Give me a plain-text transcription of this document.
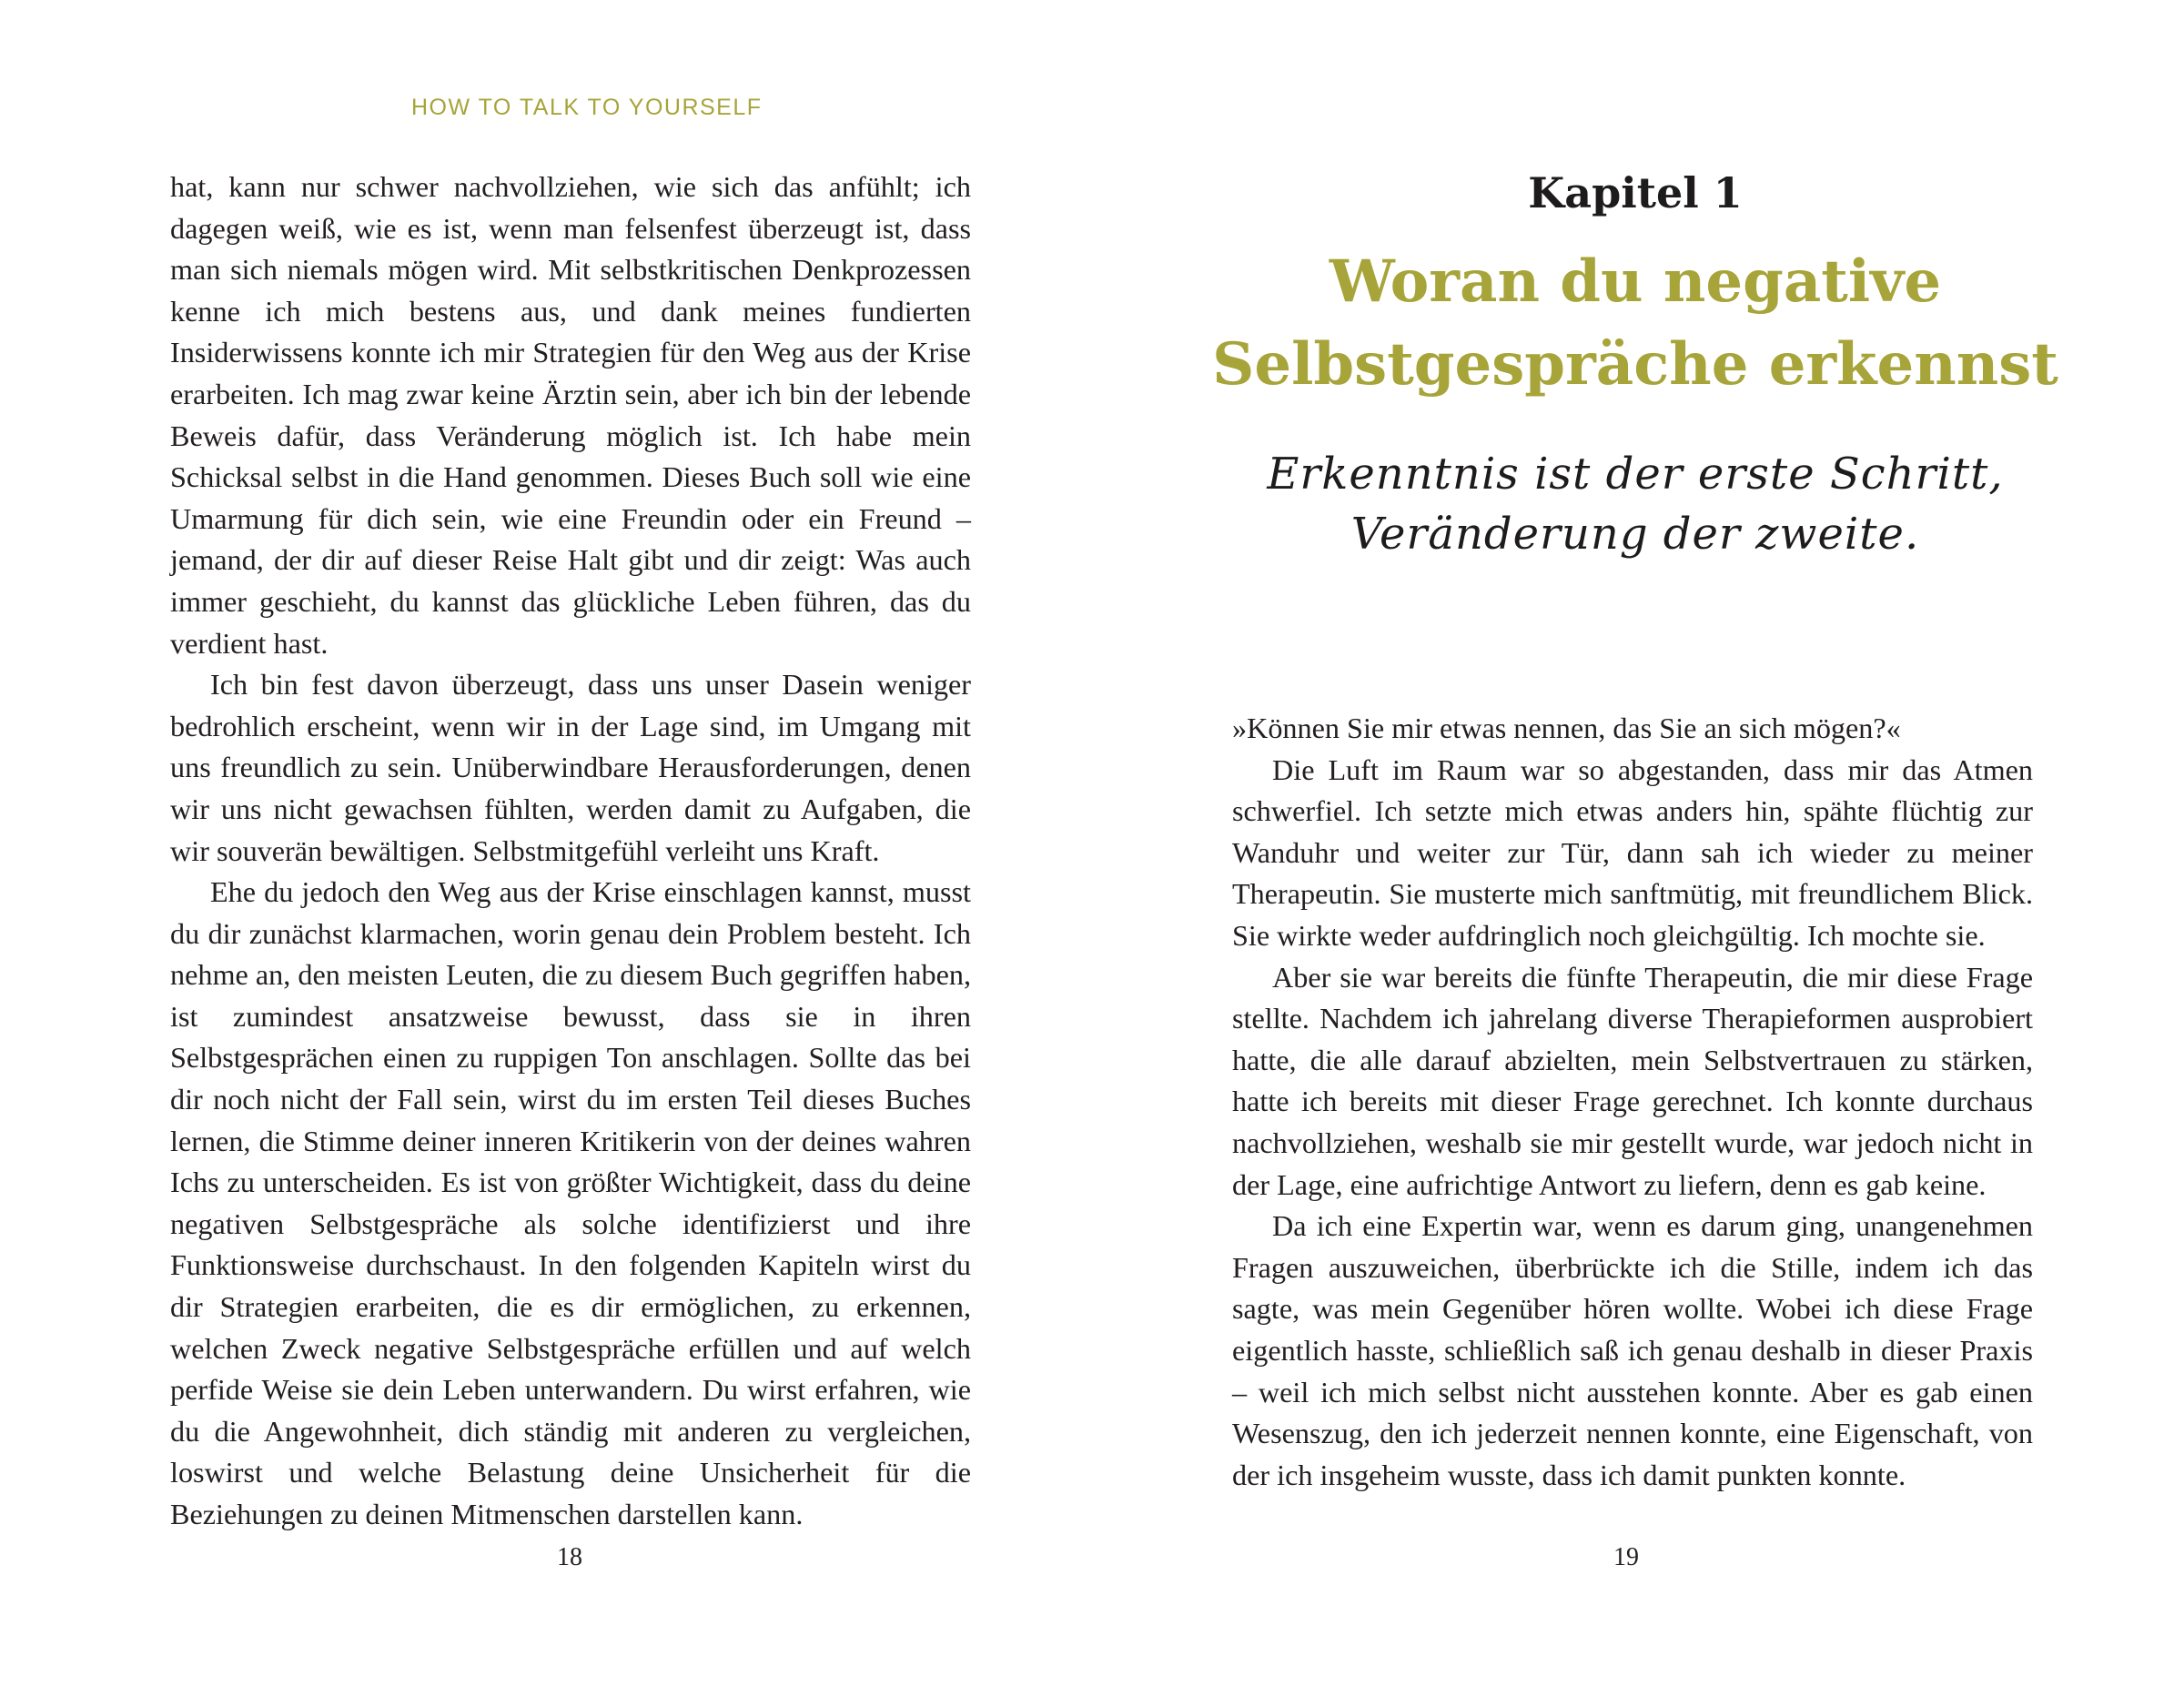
HOW TO TALK TO YOURSELF

hat, kann nur schwer nachvollziehen, wie sich das anfühlt; ich dagegen weiß, wie es ist, wenn man felsenfest überzeugt ist, dass man sich niemals mögen wird. Mit selbstkritischen Denkprozessen kenne ich mich bestens aus, und dank meines fundierten Insiderwissens konnte ich mir Strategien für den Weg aus der Krise erarbeiten. Ich mag zwar keine Ärztin sein, aber ich bin der lebende Beweis dafür, dass Veränderung möglich ist. Ich habe mein Schicksal selbst in die Hand genommen. Dieses Buch soll wie eine Umarmung für dich sein, wie eine Freundin oder ein Freund – jemand, der dir auf dieser Reise Halt gibt und dir zeigt: Was auch immer geschieht, du kannst das glückliche Leben führen, das du verdient hast.

Ich bin fest davon überzeugt, dass uns unser Dasein weniger bedrohlich erscheint, wenn wir in der Lage sind, im Umgang mit uns freundlich zu sein. Unüberwindbare Herausforderungen, denen wir uns nicht gewachsen fühlten, werden damit zu Aufgaben, die wir souverän bewältigen. Selbstmitgefühl verleiht uns Kraft.

Ehe du jedoch den Weg aus der Krise einschlagen kannst, musst du dir zunächst klarmachen, worin genau dein Problem besteht. Ich nehme an, den meisten Leuten, die zu diesem Buch gegriffen haben, ist zumindest ansatzweise bewusst, dass sie in ihren Selbstgesprächen einen zu ruppigen Ton anschlagen. Sollte das bei dir noch nicht der Fall sein, wirst du im ersten Teil dieses Buches lernen, die Stimme deiner inneren Kritikerin von der deines wahren Ichs zu unterscheiden. Es ist von größter Wichtigkeit, dass du deine negativen Selbstgespräche als solche identifizierst und ihre Funktionsweise durchschaust. In den folgenden Kapiteln wirst du dir Strategien erarbeiten, die es dir ermöglichen, zu erkennen, welchen Zweck negative Selbstgespräche erfüllen und auf welch perfide Weise sie dein Leben unterwandern. Du wirst erfahren, wie du die Angewohnheit, dich ständig mit anderen zu vergleichen, loswirst und welche Belastung deine Unsicherheit für die Beziehungen zu deinen Mitmenschen darstellen kann.

18
Kapitel 1
Woran du negative
Selbstgespräche erkennst
Erkenntnis ist der erste Schritt,
Veränderung der zweite.

»Können Sie mir etwas nennen, das Sie an sich mögen?«

Die Luft im Raum war so abgestanden, dass mir das Atmen schwerfiel. Ich setzte mich etwas anders hin, spähte flüchtig zur Wanduhr und weiter zur Tür, dann sah ich wieder zu meiner Therapeutin. Sie musterte mich sanftmütig, mit freundlichem Blick. Sie wirkte weder aufdringlich noch gleichgültig. Ich mochte sie.

Aber sie war bereits die fünfte Therapeutin, die mir diese Frage stellte. Nachdem ich jahrelang diverse Therapieformen ausprobiert hatte, die alle darauf abzielten, mein Selbstvertrauen zu stärken, hatte ich bereits mit dieser Frage gerechnet. Ich konnte durchaus nachvollziehen, weshalb sie mir gestellt wurde, war jedoch nicht in der Lage, eine aufrichtige Antwort zu liefern, denn es gab keine.

Da ich eine Expertin war, wenn es darum ging, unangenehmen Fragen auszuweichen, überbrückte ich die Stille, indem ich das sagte, was mein Gegenüber hören wollte. Wobei ich diese Frage eigentlich hasste, schließlich saß ich genau deshalb in dieser Praxis – weil ich mich selbst nicht ausstehen konnte. Aber es gab einen Wesenszug, den ich jederzeit nennen konnte, eine Eigenschaft, von der ich insgeheim wusste, dass ich damit punkten konnte.

19
